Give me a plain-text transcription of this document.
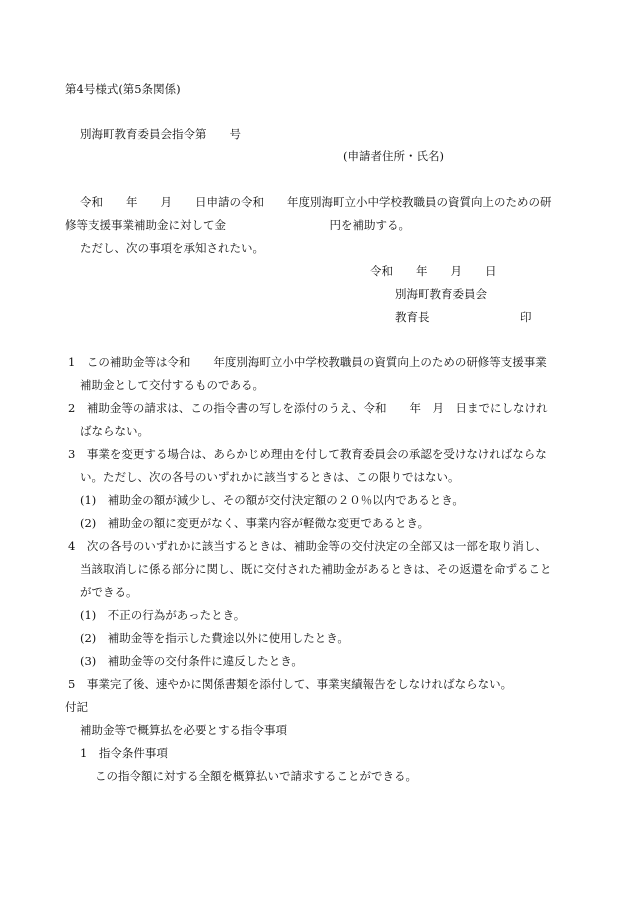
第4号様式(第5条関係)
別海町教育委員会指令第　　号
(申請者住所・氏名)
令和　　年　　月　　日申請の令和　　年度別海町立小中学校教職員の資質向上のための研
修等支援事業補助金に対して金　　　　　　　　　円を補助する。
ただし、次の事項を承知されたい。
令和　　年　　月　　日
別海町教育委員会
教育長	印
1　この補助金等は令和　　年度別海町立小中学校教職員の資質向上のための研修等支援事業
補助金として交付するものである。
2　補助金等の請求は、この指令書の写しを添付のうえ、令和　　年　月　日までにしなけれ
ばならない。
3　事業を変更する場合は、あらかじめ理由を付して教育委員会の承認を受けなければならな
い。ただし、次の各号のいずれかに該当するときは、この限りではない。
(1)　補助金の額が減少し、その額が交付決定額の２０％以内であるとき。
(2)　補助金の額に変更がなく、事業内容が軽微な変更であるとき。
4　次の各号のいずれかに該当するときは、補助金等の交付決定の全部又は一部を取り消し、
当該取消しに係る部分に関し、既に交付された補助金があるときは、その返還を命ずること
ができる。
(1)　不正の行為があったとき。
(2)　補助金等を指示した費途以外に使用したとき。
(3)　補助金等の交付条件に違反したとき。
5　事業完了後、速やかに関係書類を添付して、事業実績報告をしなければならない。
付記
補助金等で概算払を必要とする指令事項
1　指令条件事項
この指令額に対する全額を概算払いで請求することができる。
